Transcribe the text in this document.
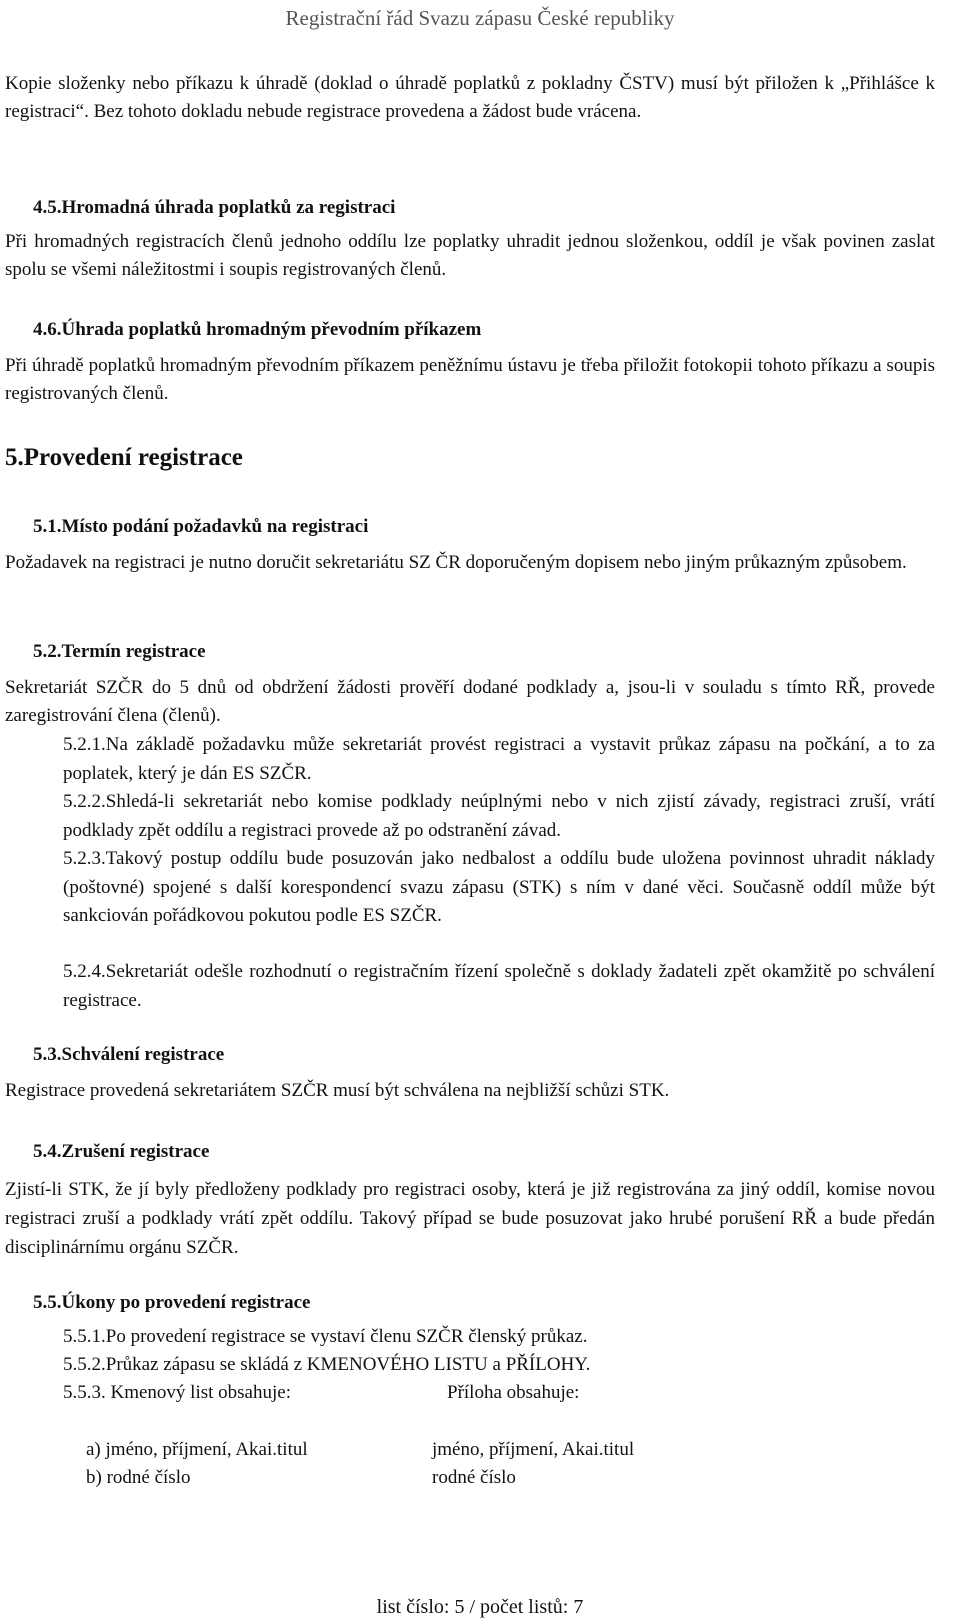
Registrační řád Svazu zápasu České republiky
Kopie složenky nebo příkazu k úhradě (doklad o úhradě poplatků z pokladny ČSTV) musí být přiložen k „Přihlášce k registraci“. Bez tohoto dokladu nebude registrace provedena a žádost bude vrácena.
4.5.Hromadná úhrada poplatků za registraci
Při hromadných registracích členů jednoho oddílu lze poplatky uhradit jednou složenkou, oddíl je však povinen zaslat spolu se všemi náležitostmi i soupis registrovaných členů.
4.6.Úhrada poplatků hromadným převodním příkazem
Při úhradě poplatků hromadným převodním příkazem peněžnímu ústavu je třeba přiložit fotokopii tohoto příkazu a soupis registrovaných členů.
5.Provedení registrace
5.1.Místo podání požadavků na registraci
Požadavek na registraci je nutno doručit sekretariátu SZ ČR doporučeným dopisem nebo jiným průkazným způsobem.
5.2.Termín registrace
Sekretariát SZČR do 5 dnů od obdržení žádosti prověří dodané podklady a, jsou-li v souladu s tímto RŘ, provede zaregistrování člena (členů).
5.2.1.Na základě požadavku může sekretariát provést registraci a vystavit průkaz zápasu na počkání, a to za poplatek, který je dán ES SZČR.
5.2.2.Shledá-li sekretariát nebo komise podklady neúplnými nebo v nich zjistí závady, registraci zruší, vrátí podklady zpět oddílu a registraci provede až po odstranění závad.
5.2.3.Takový postup oddílu bude posuzován jako nedbalost a oddílu bude uložena povinnost uhradit náklady (poštovné) spojené s další korespondencí svazu zápasu (STK) s ním v dané věci. Současně oddíl může být sankciován pořádkovou pokutou podle ES SZČR.
5.2.4.Sekretariát odešle rozhodnutí o registračním řízení společně s doklady žadateli zpět okamžitě po schválení registrace.
5.3.Schválení registrace
Registrace provedená sekretariátem SZČR musí být schválena na nejbližší schůzi STK.
5.4.Zrušení registrace
Zjistí-li STK, že jí byly předloženy podklady pro registraci osoby, která je již registrována za jiný oddíl, komise novou registraci zruší a podklady vrátí zpět oddílu. Takový případ se bude posuzovat jako hrubé porušení RŘ a bude předán disciplinárnímu orgánu SZČR.
5.5.Úkony po provedení registrace
5.5.1.Po provedení registrace se vystaví členu SZČR členský průkaz.
5.5.2.Průkaz zápasu se skládá z KMENOVÉHO LISTU a PŘÍLOHY.
5.5.3. Kmenový list obsahuje:	Příloha obsahuje:
a) jméno, příjmení, Akai.titul	jméno, příjmení, Akai.titul
b) rodné číslo	rodné číslo
list číslo: 5 / počet listů: 7
